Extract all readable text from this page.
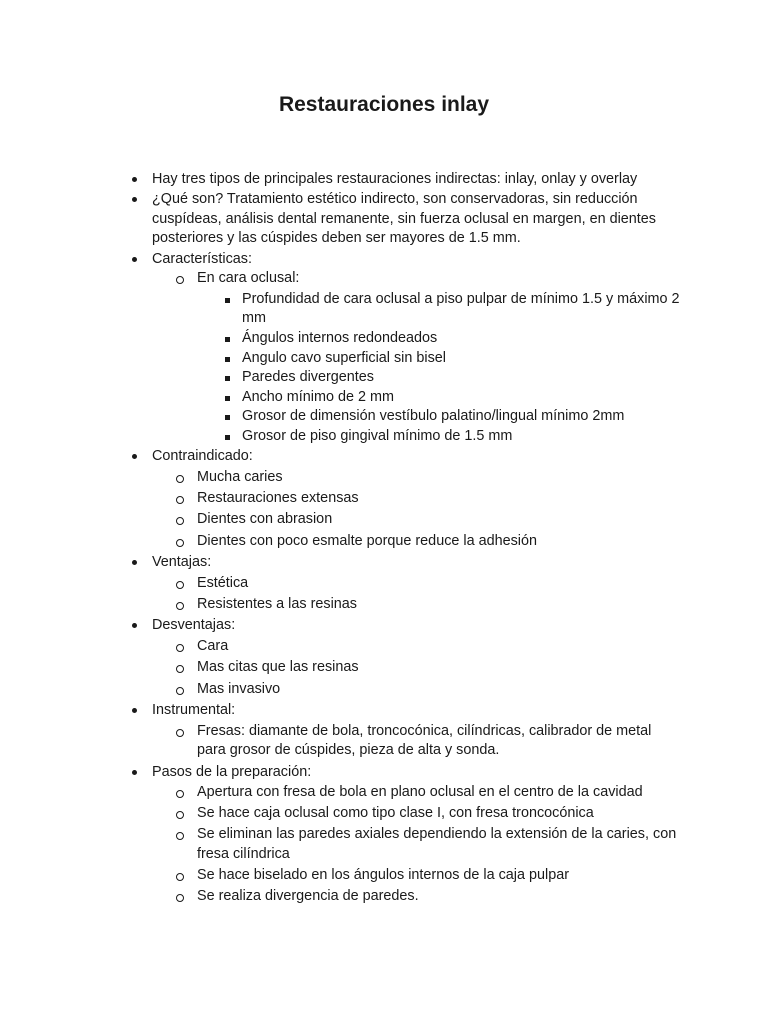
Restauraciones inlay
Hay tres tipos de principales restauraciones indirectas: inlay, onlay y overlay
¿Qué son? Tratamiento estético indirecto, son conservadoras, sin reducción cuspídeas, análisis dental remanente, sin fuerza oclusal en margen, en dientes posteriores y las cúspides deben ser mayores de 1.5 mm.
Características:
En cara oclusal:
Profundidad de cara oclusal a piso pulpar de mínimo 1.5 y máximo 2 mm
Ángulos internos redondeados
Angulo cavo superficial sin bisel
Paredes divergentes
Ancho mínimo de 2 mm
Grosor de dimensión vestíbulo palatino/lingual mínimo 2mm
Grosor de piso gingival mínimo de 1.5 mm
Contraindicado:
Mucha caries
Restauraciones extensas
Dientes con abrasion
Dientes con poco esmalte porque reduce la adhesión
Ventajas:
Estética
Resistentes a las resinas
Desventajas:
Cara
Mas citas que las resinas
Mas invasivo
Instrumental:
Fresas: diamante de bola, troncocónica, cilíndricas, calibrador de metal para grosor de cúspides, pieza de alta y sonda.
Pasos de la preparación:
Apertura con fresa de bola en plano oclusal en el centro de la cavidad
Se hace caja oclusal como tipo clase I, con fresa troncocónica
Se eliminan las paredes axiales dependiendo la extensión de la caries, con fresa cilíndrica
Se hace biselado en los ángulos internos de la caja pulpar
Se realiza divergencia de paredes.
